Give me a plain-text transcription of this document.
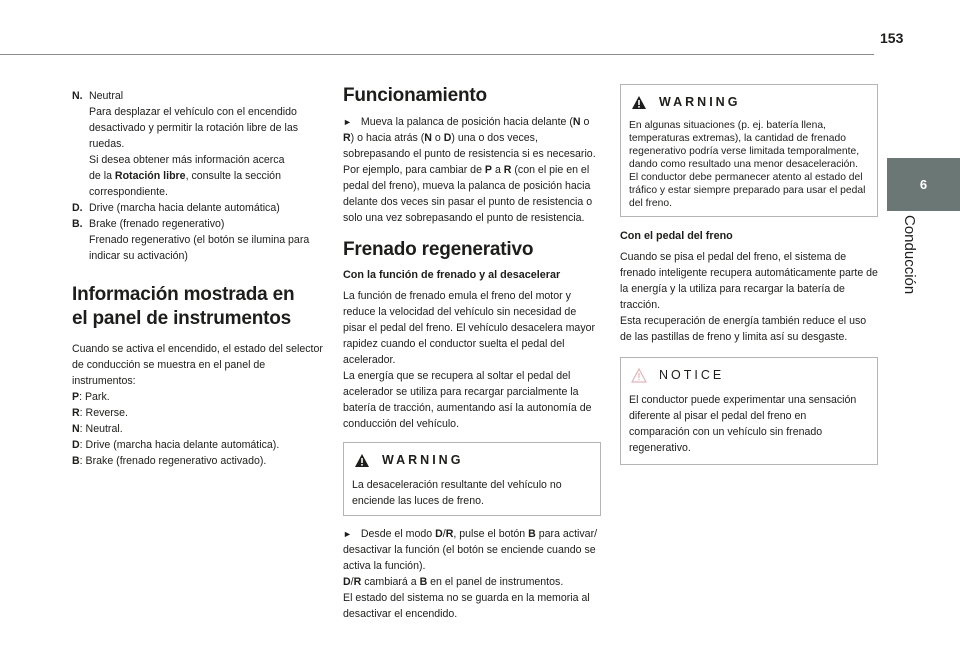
153
6
Conducción
N. Neutral
Para desplazar el vehículo con el encendido
desactivado y permitir la rotación libre de las
ruedas.
Si desea obtener más información acerca
de la Rotación libre, consulte la sección
correspondiente.
D. Drive (marcha hacia delante automática)
B. Brake (frenado regenerativo)
Frenado regenerativo (el botón se ilumina para
indicar su activación)
Información mostrada en el panel de instrumentos

Cuando se activa el encendido, el estado del selector de conducción se muestra en el panel de instrumentos:

P: Park.
R: Reverse.
N: Neutral.
D: Drive (marcha hacia delante automática).
B: Brake (frenado regenerativo activado).
Funcionamiento

► Mueva la palanca de posición hacia delante (N o R) o hacia atrás (N o D) una o dos veces, sobrepasando el punto de resistencia si es necesario.

Por ejemplo, para cambiar de P a R (con el pie en el pedal del freno), mueva la palanca de posición hacia delante dos veces sin pasar el punto de resistencia o solo una vez sobrepasando el punto de resistencia.

Frenado regenerativo
Con la función de frenado y al desacelerar

La función de frenado emula el freno del motor y reduce la velocidad del vehículo sin necesidad de pisar el pedal del freno. El vehículo desacelera mayor rapidez cuando el conductor suelta el pedal del acelerador.

La energía que se recupera al soltar el pedal del acelerador se utiliza para recargar parcialmente la batería de tracción, aumentando así la autonomía de conducción del vehículo.

WARNING
La desaceleración resultante del vehículo no enciende las luces de freno.

► Desde el modo D/R, pulse el botón B para activar/ desactivar la función (el botón se enciende cuando se activa la función).

D/R cambiará a B en el panel de instrumentos.

El estado del sistema no se guarda en la memoria al desactivar el encendido.

WARNING
En algunas situaciones (p. ej. batería llena, temperaturas extremas), la cantidad de frenado regenerativo podría verse limitada temporalmente, dando como resultado una menor desaceleración. El conductor debe permanecer atento al estado del tráfico y estar siempre preparado para usar el pedal del freno.
Con el pedal del freno

Cuando se pisa el pedal del freno, el sistema de frenado inteligente recupera automáticamente parte de la energía y la utiliza para recargar la batería de tracción.

Esta recuperación de energía también reduce el uso de las pastillas de freno y limita así su desgaste.

NOTICE
El conductor puede experimentar una sensación diferente al pisar el pedal del freno en comparación con un vehículo sin frenado regenerativo.
